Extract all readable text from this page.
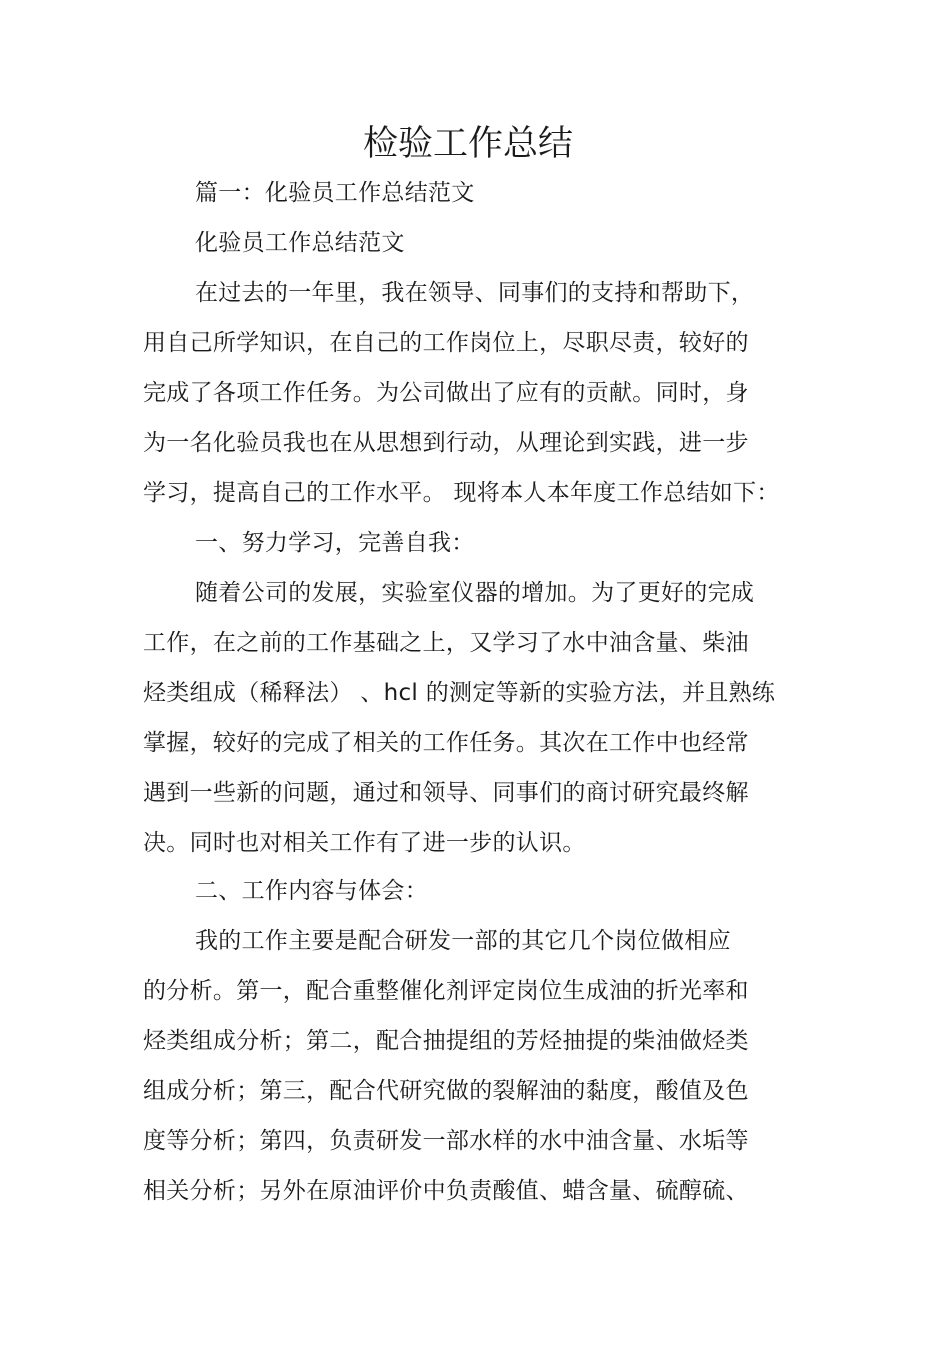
检验工作总结
篇一：化验员工作总结范文
化验员工作总结范文
在过去的一年里，我在领导、同事们的支持和帮助下，
用自己所学知识，在自己的工作岗位上，尽职尽责，较好的
完成了各项工作任务。为公司做出了应有的贡献。同时，身
为一名化验员我也在从思想到行动，从理论到实践，进一步
学习，提高自己的工作水平。 现将本人本年度工作总结如下：
一、努力学习，完善自我：
随着公司的发展，实验室仪器的增加。为了更好的完成
工作，在之前的工作基础之上，又学习了水中油含量、柴油
烃类组成（稀释法） 、hcl 的测定等新的实验方法，并且熟练
掌握，较好的完成了相关的工作任务。其次在工作中也经常
遇到一些新的问题，通过和领导、同事们的商讨研究最终解
决。同时也对相关工作有了进一步的认识。
二、工作内容与体会：
我的工作主要是配合研发一部的其它几个岗位做相应
的分析。第一，配合重整催化剂评定岗位生成油的折光率和
烃类组成分析；第二，配合抽提组的芳烃抽提的柴油做烃类
组成分析；第三，配合代研究做的裂解油的黏度，酸值及色
度等分析；第四，负责研发一部水样的水中油含量、水垢等
相关分析；另外在原油评价中负责酸值、蜡含量、硫醇硫、
